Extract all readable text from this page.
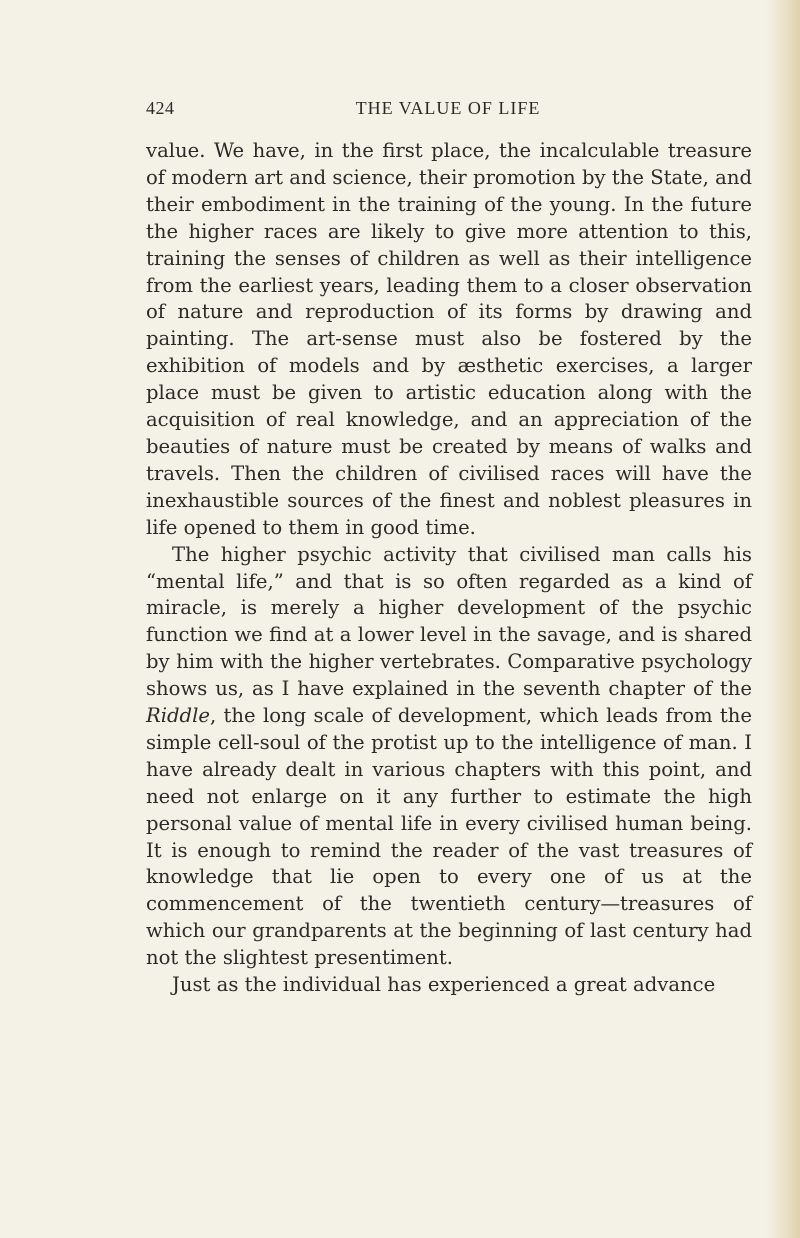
424	THE VALUE OF LIFE

value. We have, in the first place, the incalculable treasure of modern art and science, their promotion by the State, and their embodiment in the training of the young. In the future the higher races are likely to give more attention to this, training the senses of children as well as their intelligence from the earliest years, leading them to a closer observation of nature and reproduction of its forms by drawing and painting. The art-sense must also be fostered by the exhibition of models and by æsthetic exercises, a larger place must be given to artistic education along with the acquisition of real knowledge, and an appreciation of the beauties of nature must be created by means of walks and travels. Then the children of civilised races will have the inexhaustible sources of the finest and noblest pleasures in life opened to them in good time.

The higher psychic activity that civilised man calls his “mental life,” and that is so often regarded as a kind of miracle, is merely a higher development of the psychic function we find at a lower level in the savage, and is shared by him with the higher vertebrates. Comparative psychology shows us, as I have explained in the seventh chapter of the Riddle, the long scale of development, which leads from the simple cell-soul of the protist up to the intelligence of man. I have already dealt in various chapters with this point, and need not enlarge on it any further to estimate the high personal value of mental life in every civilised human being. It is enough to remind the reader of the vast treasures of knowledge that lie open to every one of us at the commencement of the twentieth century—treasures of which our grandparents at the beginning of last century had not the slightest presentiment.

Just as the individual has experienced a great advance
